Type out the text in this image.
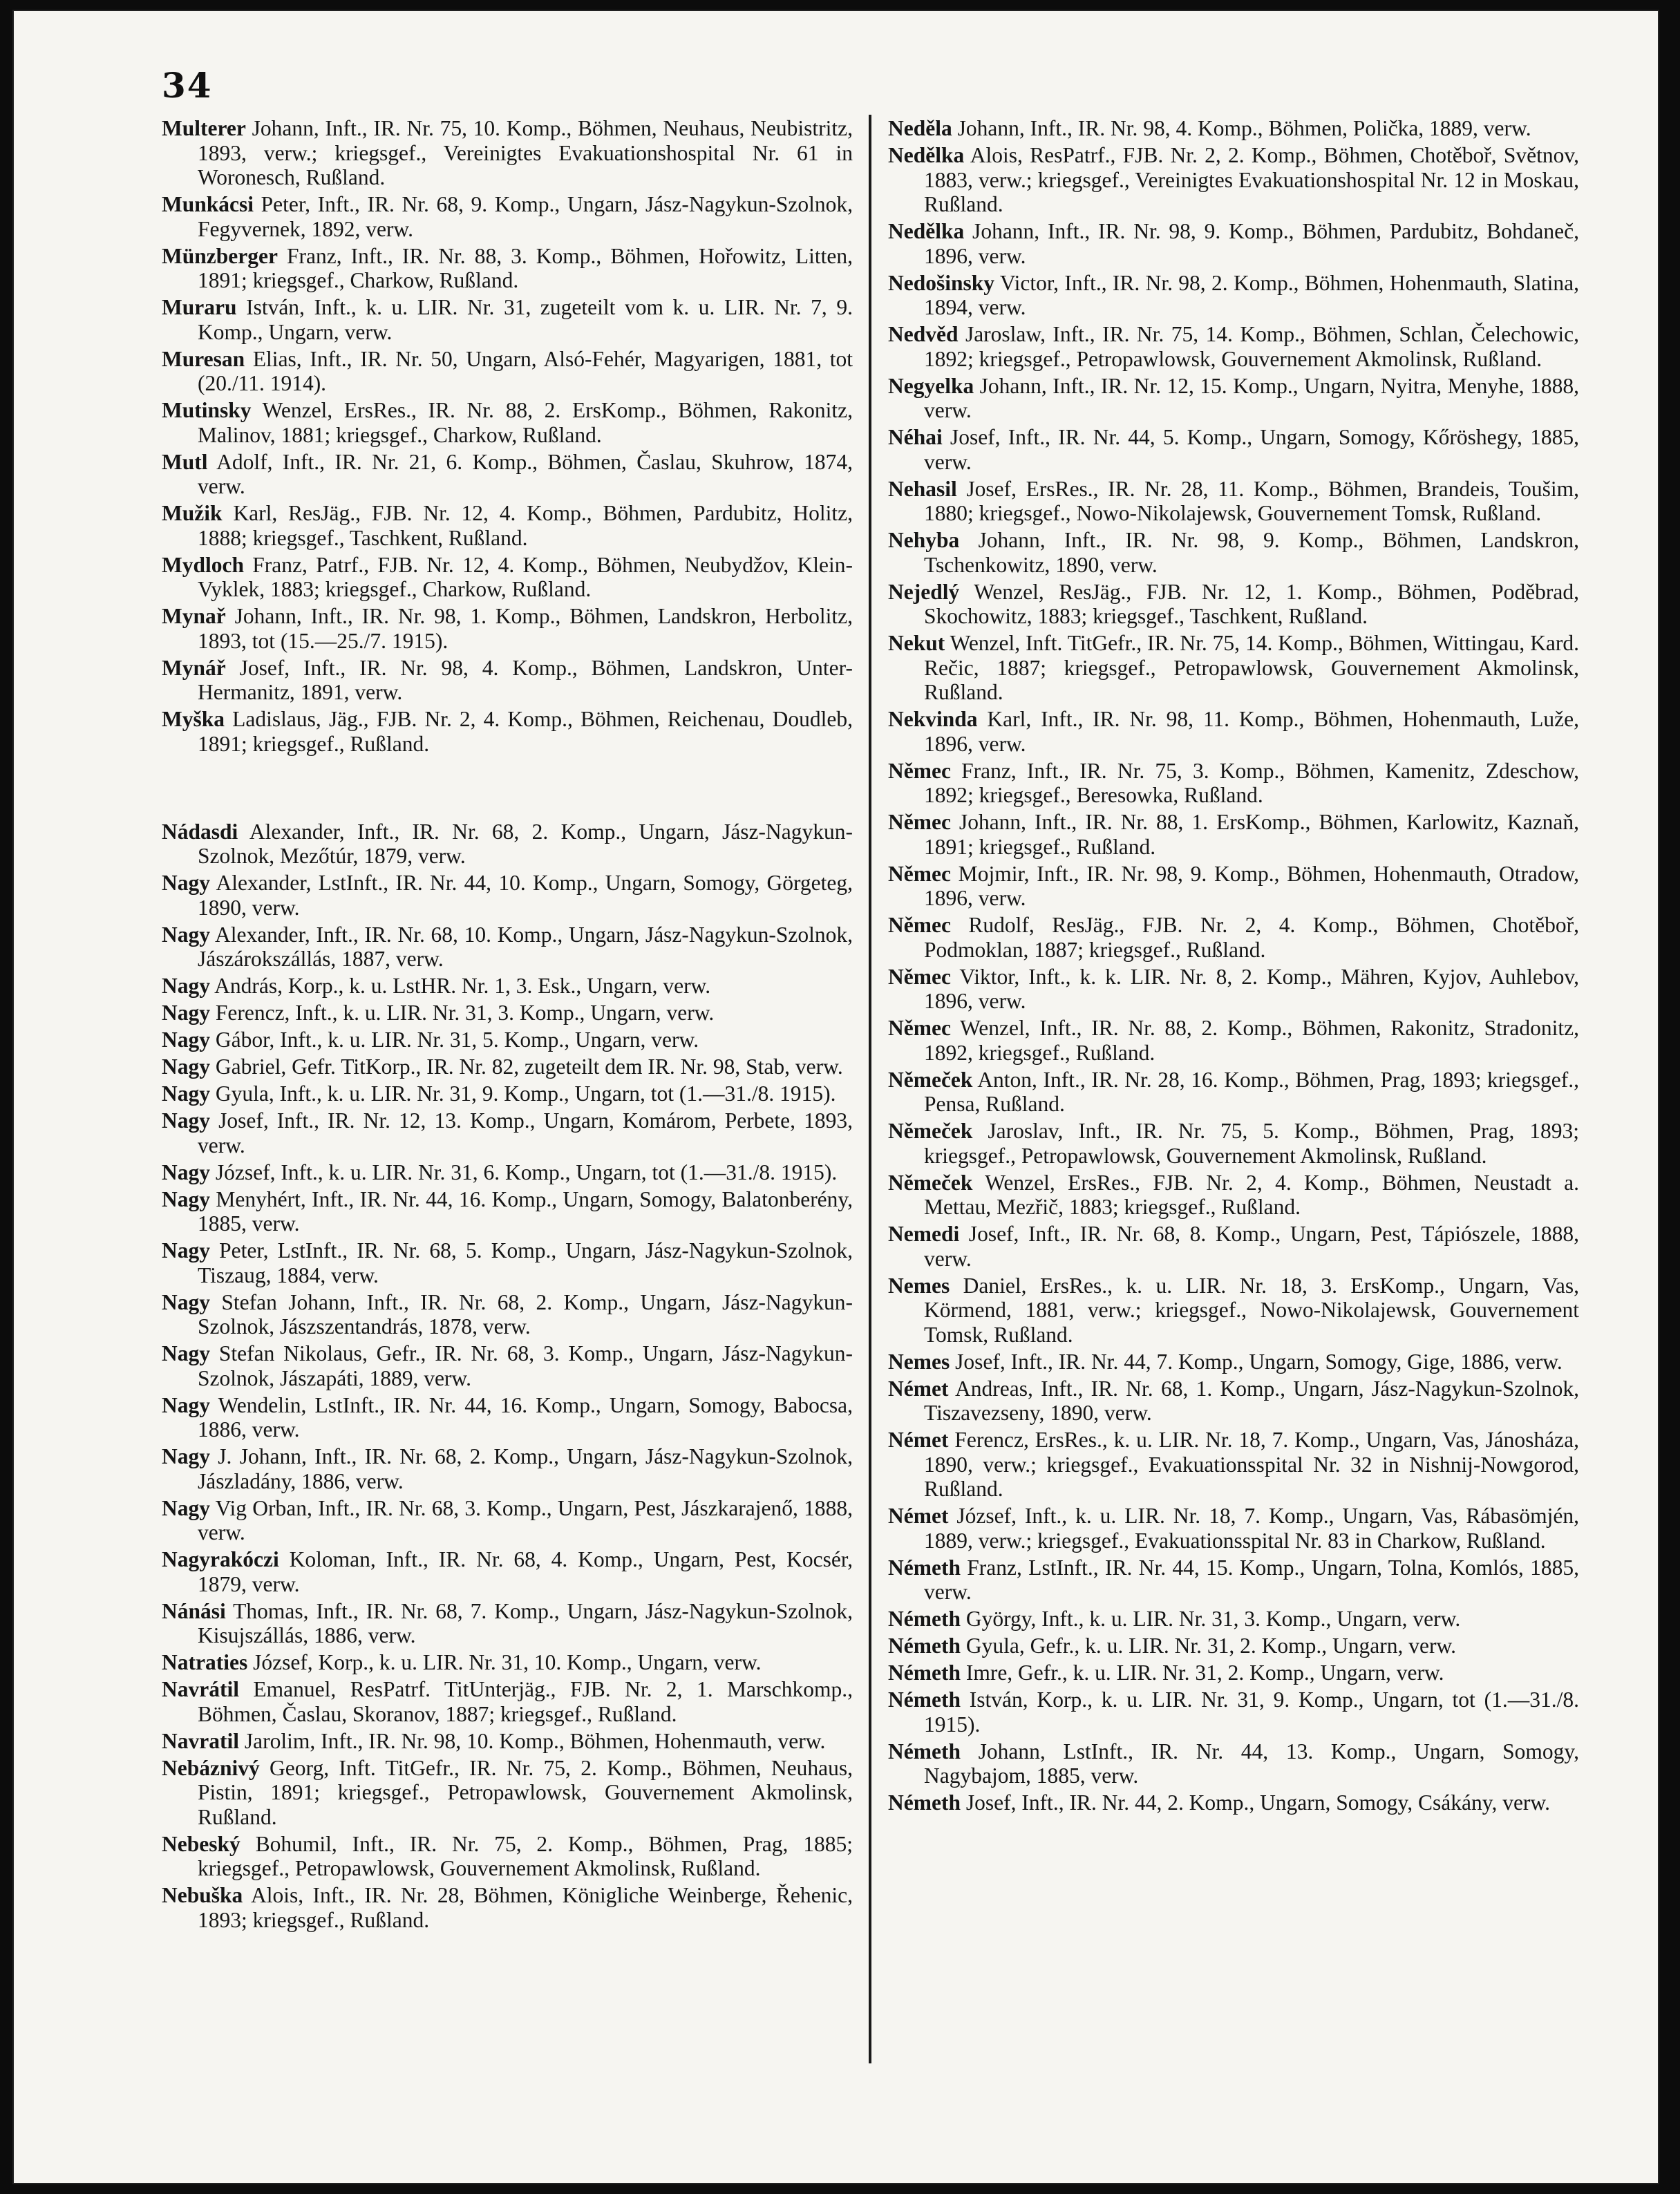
34

Multerer Johann, Inft., IR. Nr. 75, 10. Komp., Böhmen, Neuhaus, Neubistritz, 1893, verw.; kriegsgef., Vereinigtes Evakuationshospital Nr. 61 in Woronesch, Rußland.

Munkácsi Peter, Inft., IR. Nr. 68, 9. Komp., Ungarn, Jász-Nagykun-Szolnok, Fegyvernek, 1892, verw.

Münzberger Franz, Inft., IR. Nr. 88, 3. Komp., Böhmen, Hořowitz, Litten, 1891; kriegsgef., Charkow, Rußland.

Muraru István, Inft., k. u. LIR. Nr. 31, zugeteilt vom k. u. LIR. Nr. 7, 9. Komp., Ungarn, verw.

Muresan Elias, Inft., IR. Nr. 50, Ungarn, Alsó-Fehér, Magyarigen, 1881, tot (20./11. 1914).

Mutinsky Wenzel, ErsRes., IR. Nr. 88, 2. ErsKomp., Böhmen, Rakonitz, Malinov, 1881; kriegsgef., Charkow, Rußland.

Mutl Adolf, Inft., IR. Nr. 21, 6. Komp., Böhmen, Časlau, Skuhrow, 1874, verw.

Mužik Karl, ResJäg., FJB. Nr. 12, 4. Komp., Böhmen, Pardubitz, Holitz, 1888; kriegsgef., Taschkent, Rußland.

Mydloch Franz, Patrf., FJB. Nr. 12, 4. Komp., Böhmen, Neubydžov, Klein-Vyklek, 1883; kriegsgef., Charkow, Rußland.

Mynař Johann, Inft., IR. Nr. 98, 1. Komp., Böhmen, Landskron, Herbolitz, 1893, tot (15.—25./7. 1915).

Mynář Josef, Inft., IR. Nr. 98, 4. Komp., Böhmen, Landskron, Unter-Hermanitz, 1891, verw.

Myška Ladislaus, Jäg., FJB. Nr. 2, 4. Komp., Böhmen, Reichenau, Doudleb, 1891; kriegsgef., Rußland.

Nádasdi Alexander, Inft., IR. Nr. 68, 2. Komp., Ungarn, Jász-Nagykun-Szolnok, Mezőtúr, 1879, verw.

Nagy Alexander, LstInft., IR. Nr. 44, 10. Komp., Ungarn, Somogy, Görgeteg, 1890, verw.

Nagy Alexander, Inft., IR. Nr. 68, 10. Komp., Ungarn, Jász-Nagykun-Szolnok, Jászárokszállás, 1887, verw.

Nagy András, Korp., k. u. LstHR. Nr. 1, 3. Esk., Ungarn, verw.

Nagy Ferencz, Inft., k. u. LIR. Nr. 31, 3. Komp., Ungarn, verw.

Nagy Gábor, Inft., k. u. LIR. Nr. 31, 5. Komp., Ungarn, verw.

Nagy Gabriel, Gefr. TitKorp., IR. Nr. 82, zugeteilt dem IR. Nr. 98, Stab, verw.

Nagy Gyula, Inft., k. u. LIR. Nr. 31, 9. Komp., Ungarn, tot (1.—31./8. 1915).

Nagy Josef, Inft., IR. Nr. 12, 13. Komp., Ungarn, Komárom, Perbete, 1893, verw.

Nagy József, Inft., k. u. LIR. Nr. 31, 6. Komp., Ungarn, tot (1.—31./8. 1915).

Nagy Menyhért, Inft., IR. Nr. 44, 16. Komp., Ungarn, Somogy, Balatonberény, 1885, verw.

Nagy Peter, LstInft., IR. Nr. 68, 5. Komp., Ungarn, Jász-Nagykun-Szolnok, Tiszaug, 1884, verw.

Nagy Stefan Johann, Inft., IR. Nr. 68, 2. Komp., Ungarn, Jász-Nagykun-Szolnok, Jászszentandrás, 1878, verw.

Nagy Stefan Nikolaus, Gefr., IR. Nr. 68, 3. Komp., Ungarn, Jász-Nagykun-Szolnok, Jászapáti, 1889, verw.

Nagy Wendelin, LstInft., IR. Nr. 44, 16. Komp., Ungarn, Somogy, Babocsa, 1886, verw.

Nagy J. Johann, Inft., IR. Nr. 68, 2. Komp., Ungarn, Jász-Nagykun-Szolnok, Jászladány, 1886, verw.

Nagy Vig Orban, Inft., IR. Nr. 68, 3. Komp., Ungarn, Pest, Jászkarajenő, 1888, verw.

Nagyrakóczi Koloman, Inft., IR. Nr. 68, 4. Komp., Ungarn, Pest, Kocsér, 1879, verw.

Nánási Thomas, Inft., IR. Nr. 68, 7. Komp., Ungarn, Jász-Nagykun-Szolnok, Kisujszállás, 1886, verw.

Natraties József, Korp., k. u. LIR. Nr. 31, 10. Komp., Ungarn, verw.

Navrátil Emanuel, ResPatrf. TitUnterjäg., FJB. Nr. 2, 1. Marschkomp., Böhmen, Časlau, Skoranov, 1887; kriegsgef., Rußland.

Navratil Jarolim, Inft., IR. Nr. 98, 10. Komp., Böhmen, Hohenmauth, verw.

Nebáznivý Georg, Inft. TitGefr., IR. Nr. 75, 2. Komp., Böhmen, Neuhaus, Pistin, 1891; kriegsgef., Petropawlowsk, Gouvernement Akmolinsk, Rußland.

Nebeský Bohumil, Inft., IR. Nr. 75, 2. Komp., Böhmen, Prag, 1885; kriegsgef., Petropawlowsk, Gouvernement Akmolinsk, Rußland.

Nebuška Alois, Inft., IR. Nr. 28, Böhmen, Königliche Weinberge, Řehenic, 1893; kriegsgef., Rußland.

Neděla Johann, Inft., IR. Nr. 98, 4. Komp., Böhmen, Polička, 1889, verw.

Nedělka Alois, ResPatrf., FJB. Nr. 2, 2. Komp., Böhmen, Chotěboř, Světnov, 1883, verw.; kriegsgef., Vereinigtes Evakuationshospital Nr. 12 in Moskau, Rußland.

Nedělka Johann, Inft., IR. Nr. 98, 9. Komp., Böhmen, Pardubitz, Bohdaneč, 1896, verw.

Nedošinsky Victor, Inft., IR. Nr. 98, 2. Komp., Böhmen, Hohenmauth, Slatina, 1894, verw.

Nedvěd Jaroslaw, Inft., IR. Nr. 75, 14. Komp., Böhmen, Schlan, Čelechowic, 1892; kriegsgef., Petropawlowsk, Gouvernement Akmolinsk, Rußland.

Negyelka Johann, Inft., IR. Nr. 12, 15. Komp., Ungarn, Nyitra, Menyhe, 1888, verw.

Néhai Josef, Inft., IR. Nr. 44, 5. Komp., Ungarn, Somogy, Kőröshegy, 1885, verw.

Nehasil Josef, ErsRes., IR. Nr. 28, 11. Komp., Böhmen, Brandeis, Toušim, 1880; kriegsgef., Nowo-Nikolajewsk, Gouvernement Tomsk, Rußland.

Nehyba Johann, Inft., IR. Nr. 98, 9. Komp., Böhmen, Landskron, Tschenkowitz, 1890, verw.

Nejedlý Wenzel, ResJäg., FJB. Nr. 12, 1. Komp., Böhmen, Poděbrad, Skochowitz, 1883; kriegsgef., Taschkent, Rußland.

Nekut Wenzel, Inft. TitGefr., IR. Nr. 75, 14. Komp., Böhmen, Wittingau, Kard. Rečic, 1887; kriegsgef., Petropawlowsk, Gouvernement Akmolinsk, Rußland.

Nekvinda Karl, Inft., IR. Nr. 98, 11. Komp., Böhmen, Hohenmauth, Luže, 1896, verw.

Němec Franz, Inft., IR. Nr. 75, 3. Komp., Böhmen, Kamenitz, Zdeschow, 1892; kriegsgef., Beresowka, Rußland.

Němec Johann, Inft., IR. Nr. 88, 1. ErsKomp., Böhmen, Karlowitz, Kaznaň, 1891; kriegsgef., Rußland.

Němec Mojmir, Inft., IR. Nr. 98, 9. Komp., Böhmen, Hohenmauth, Otradow, 1896, verw.

Němec Rudolf, ResJäg., FJB. Nr. 2, 4. Komp., Böhmen, Chotěboř, Podmoklan, 1887; kriegsgef., Rußland.

Němec Viktor, Inft., k. k. LIR. Nr. 8, 2. Komp., Mähren, Kyjov, Auhlebov, 1896, verw.

Němec Wenzel, Inft., IR. Nr. 88, 2. Komp., Böhmen, Rakonitz, Stradonitz, 1892, kriegsgef., Rußland.

Němeček Anton, Inft., IR. Nr. 28, 16. Komp., Böhmen, Prag, 1893; kriegsgef., Pensa, Rußland.

Němeček Jaroslav, Inft., IR. Nr. 75, 5. Komp., Böhmen, Prag, 1893; kriegsgef., Petropawlowsk, Gouvernement Akmolinsk, Rußland.

Němeček Wenzel, ErsRes., FJB. Nr. 2, 4. Komp., Böhmen, Neustadt a. Mettau, Mezřič, 1883; kriegsgef., Rußland.

Nemedi Josef, Inft., IR. Nr. 68, 8. Komp., Ungarn, Pest, Tápiószele, 1888, verw.

Nemes Daniel, ErsRes., k. u. LIR. Nr. 18, 3. ErsKomp., Ungarn, Vas, Körmend, 1881, verw.; kriegsgef., Nowo-Nikolajewsk, Gouvernement Tomsk, Rußland.

Nemes Josef, Inft., IR. Nr. 44, 7. Komp., Ungarn, Somogy, Gige, 1886, verw.

Német Andreas, Inft., IR. Nr. 68, 1. Komp., Ungarn, Jász-Nagykun-Szolnok, Tiszavezseny, 1890, verw.

Német Ferencz, ErsRes., k. u. LIR. Nr. 18, 7. Komp., Ungarn, Vas, Jánosháza, 1890, verw.; kriegsgef., Evakuationsspital Nr. 32 in Nishnij-Nowgorod, Rußland.

Német József, Inft., k. u. LIR. Nr. 18, 7. Komp., Ungarn, Vas, Rábasömjén, 1889, verw.; kriegsgef., Evakuationsspital Nr. 83 in Charkow, Rußland.

Németh Franz, LstInft., IR. Nr. 44, 15. Komp., Ungarn, Tolna, Komlós, 1885, verw.

Németh György, Inft., k. u. LIR. Nr. 31, 3. Komp., Ungarn, verw.

Németh Gyula, Gefr., k. u. LIR. Nr. 31, 2. Komp., Ungarn, verw.

Németh Imre, Gefr., k. u. LIR. Nr. 31, 2. Komp., Ungarn, verw.

Németh István, Korp., k. u. LIR. Nr. 31, 9. Komp., Ungarn, tot (1.—31./8. 1915).

Németh Johann, LstInft., IR. Nr. 44, 13. Komp., Ungarn, Somogy, Nagybajom, 1885, verw.

Németh Josef, Inft., IR. Nr. 44, 2. Komp., Ungarn, Somogy, Csákány, verw.
